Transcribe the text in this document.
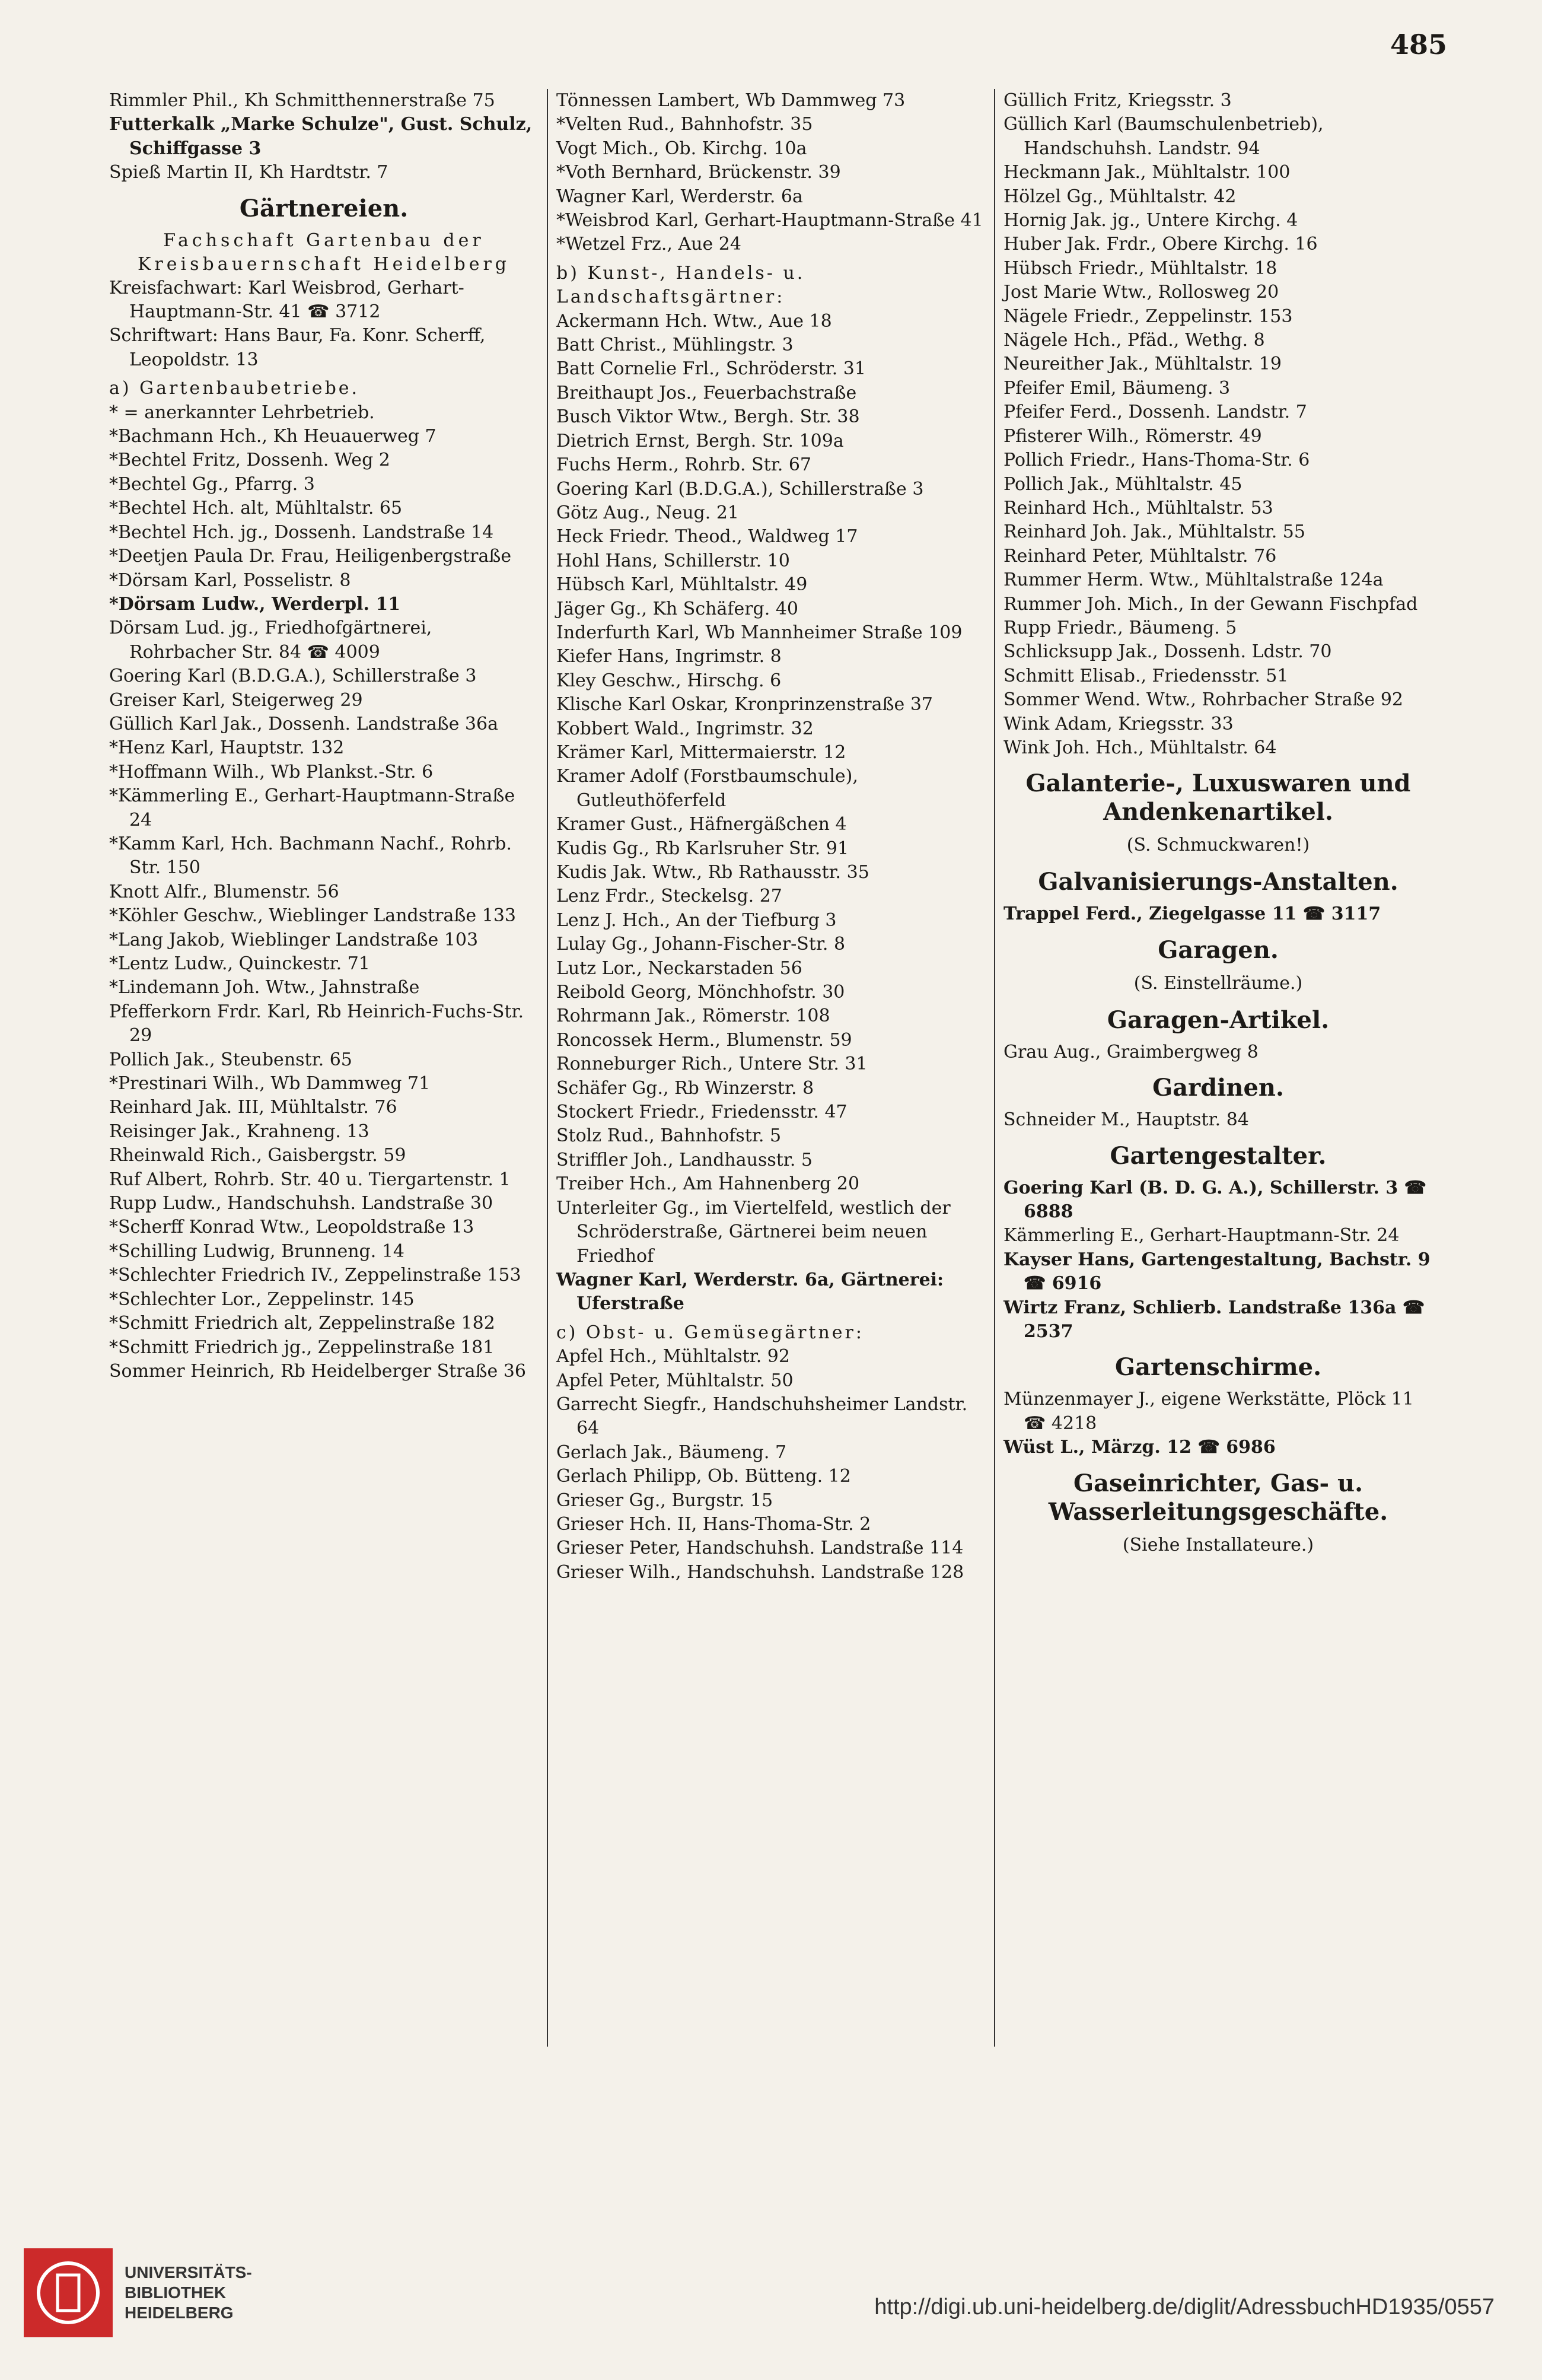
485
Rimmler Phil., Kh Schmitthennerstraße 75
Futterkalk „Marke Schulze", Gust. Schulz, Schiffgasse 3
Spieß Martin II, Kh Hardtstr. 7
Gärtnereien.
Fachschaft Gartenbau der Kreisbauernschaft Heidelberg
Kreisfachwart: Karl Weisbrod, Gerhart-Hauptmann-Str. 41 ☎ 3712
Schriftwart: Hans Baur, Fa. Konr. Scherff, Leopoldstr. 13
a) Gartenbaubetriebe.
* = anerkannter Lehrbetrieb.
*Bachmann Hch., Kh Heuauerweg 7
*Bechtel Fritz, Dossenh. Weg 2
*Bechtel Gg., Pfarrg. 3
*Bechtel Hch. alt, Mühltalstr. 65
*Bechtel Hch. jg., Dossenh. Landstraße 14
*Deetjen Paula Dr. Frau, Heiligenbergstraße
*Dörsam Karl, Posselistr. 8
*Dörsam Ludw., Werderpl. 11
Dörsam Lud. jg., Friedhofgärtnerei, Rohrbacher Str. 84 ☎ 4009
Goering Karl (B.D.G.A.), Schillerstraße 3
Greiser Karl, Steigerweg 29
Güllich Karl Jak., Dossenh. Landstraße 36a
*Henz Karl, Hauptstr. 132
*Hoffmann Wilh., Wb Plankst.-Str. 6
*Kämmerling E., Gerhart-Hauptmann-Straße 24
*Kamm Karl, Hch. Bachmann Nachf., Rohrb. Str. 150
Knott Alfr., Blumenstr. 56
*Köhler Geschw., Wieblinger Landstraße 133
*Lang Jakob, Wieblinger Landstraße 103
*Lentz Ludw., Quinckestr. 71
*Lindemann Joh. Wtw., Jahnstraße
Pfefferkorn Frdr. Karl, Rb Heinrich-Fuchs-Str. 29
Pollich Jak., Steubenstr. 65
*Prestinari Wilh., Wb Dammweg 71
Reinhard Jak. III, Mühltalstr. 76
Reisinger Jak., Krahneng. 13
Rheinwald Rich., Gaisbergstr. 59
Ruf Albert, Rohrb. Str. 40 u. Tiergartenstr. 1
Rupp Ludw., Handschuhsh. Landstraße 30
*Scherff Konrad Wtw., Leopoldstraße 13
*Schilling Ludwig, Brunneng. 14
*Schlechter Friedrich IV., Zeppelinstraße 153
*Schlechter Lor., Zeppelinstr. 145
*Schmitt Friedrich alt, Zeppelinstraße 182
*Schmitt Friedrich jg., Zeppelinstraße 181
Sommer Heinrich, Rb Heidelberger Straße 36
Tönnessen Lambert, Wb Dammweg 73
*Velten Rud., Bahnhofstr. 35
Vogt Mich., Ob. Kirchg. 10a
*Voth Bernhard, Brückenstr. 39
Wagner Karl, Werderstr. 6a
*Weisbrod Karl, Gerhart-Hauptmann-Straße 41
*Wetzel Frz., Aue 24
b) Kunst-, Handels- u. Landschaftsgärtner:
Ackermann Hch. Wtw., Aue 18
Batt Christ., Mühlingstr. 3
Batt Cornelie Frl., Schröderstr. 31
Breithaupt Jos., Feuerbachstraße
Busch Viktor Wtw., Bergh. Str. 38
Dietrich Ernst, Bergh. Str. 109a
Fuchs Herm., Rohrb. Str. 67
Goering Karl (B.D.G.A.), Schillerstraße 3
Götz Aug., Neug. 21
Heck Friedr. Theod., Waldweg 17
Hohl Hans, Schillerstr. 10
Hübsch Karl, Mühltalstr. 49
Jäger Gg., Kh Schäferg. 40
Inderfurth Karl, Wb Mannheimer Straße 109
Kiefer Hans, Ingrimstr. 8
Kley Geschw., Hirschg. 6
Klische Karl Oskar, Kronprinzenstraße 37
Kobbert Wald., Ingrimstr. 32
Krämer Karl, Mittermaierstr. 12
Kramer Adolf (Forstbaumschule), Gutleuthöferfeld
Kramer Gust., Häfnergäßchen 4
Kudis Gg., Rb Karlsruher Str. 91
Kudis Jak. Wtw., Rb Rathausstr. 35
Lenz Frdr., Steckelsg. 27
Lenz J. Hch., An der Tiefburg 3
Lulay Gg., Johann-Fischer-Str. 8
Lutz Lor., Neckarstaden 56
Reibold Georg, Mönchhofstr. 30
Rohrmann Jak., Römerstr. 108
Roncossek Herm., Blumenstr. 59
Ronneburger Rich., Untere Str. 31
Schäfer Gg., Rb Winzerstr. 8
Stockert Friedr., Friedensstr. 47
Stolz Rud., Bahnhofstr. 5
Striffler Joh., Landhausstr. 5
Treiber Hch., Am Hahnenberg 20
Unterleiter Gg., im Viertelfeld, westlich der Schröderstraße, Gärtnerei beim neuen Friedhof
Wagner Karl, Werderstr. 6a, Gärtnerei: Uferstraße
c) Obst- u. Gemüsegärtner:
Apfel Hch., Mühltalstr. 92
Apfel Peter, Mühltalstr. 50
Garrecht Siegfr., Handschuhsheimer Landstr. 64
Gerlach Jak., Bäumeng. 7
Gerlach Philipp, Ob. Bütteng. 12
Grieser Gg., Burgstr. 15
Grieser Hch. II, Hans-Thoma-Str. 2
Grieser Peter, Handschuhsh. Landstraße 114
Grieser Wilh., Handschuhsh. Landstraße 128
Güllich Fritz, Kriegsstr. 3
Güllich Karl (Baumschulenbetrieb), Handschuhsh. Landstr. 94
Heckmann Jak., Mühltalstr. 100
Hölzel Gg., Mühltalstr. 42
Hornig Jak. jg., Untere Kirchg. 4
Huber Jak. Frdr., Obere Kirchg. 16
Hübsch Friedr., Mühltalstr. 18
Jost Marie Wtw., Rollosweg 20
Nägele Friedr., Zeppelinstr. 153
Nägele Hch., Pfäd., Wethg. 8
Neureither Jak., Mühltalstr. 19
Pfeifer Emil, Bäumeng. 3
Pfeifer Ferd., Dossenh. Landstr. 7
Pfisterer Wilh., Römerstr. 49
Pollich Friedr., Hans-Thoma-Str. 6
Pollich Jak., Mühltalstr. 45
Reinhard Hch., Mühltalstr. 53
Reinhard Joh. Jak., Mühltalstr. 55
Reinhard Peter, Mühltalstr. 76
Rummer Herm. Wtw., Mühltalstraße 124a
Rummer Joh. Mich., In der Gewann Fischpfad
Rupp Friedr., Bäumeng. 5
Schlicksupp Jak., Dossenh. Ldstr. 70
Schmitt Elisab., Friedensstr. 51
Sommer Wend. Wtw., Rohrbacher Straße 92
Wink Adam, Kriegsstr. 33
Wink Joh. Hch., Mühltalstr. 64
Galanterie-, Luxuswaren und Andenkenartikel.
(S. Schmuckwaren!)
Galvanisierungs-Anstalten.
Trappel Ferd., Ziegelgasse 11 ☎ 3117
Garagen.
(S. Einstellräume.)
Garagen-Artikel.
Grau Aug., Graimbergweg 8
Gardinen.
Schneider M., Hauptstr. 84
Gartengestalter.
Goering Karl (B. D. G. A.), Schillerstr. 3 ☎ 6888
Kämmerling E., Gerhart-Hauptmann-Str. 24
Kayser Hans, Gartengestaltung, Bachstr. 9 ☎ 6916
Wirtz Franz, Schlierb. Landstraße 136a ☎ 2537
Gartenschirme.
Münzenmayer J., eigene Werkstätte, Plöck 11 ☎ 4218
Wüst L., Märzg. 12 ☎ 6986
Gaseinrichter, Gas- u. Wasserleitungsgeschäfte.
(Siehe Installateure.)
UNIVERSITÄTS-
BIBLIOTHEK
HEIDELBERG	http://digi.ub.uni-heidelberg.de/diglit/AdressbuchHD1935/0557
